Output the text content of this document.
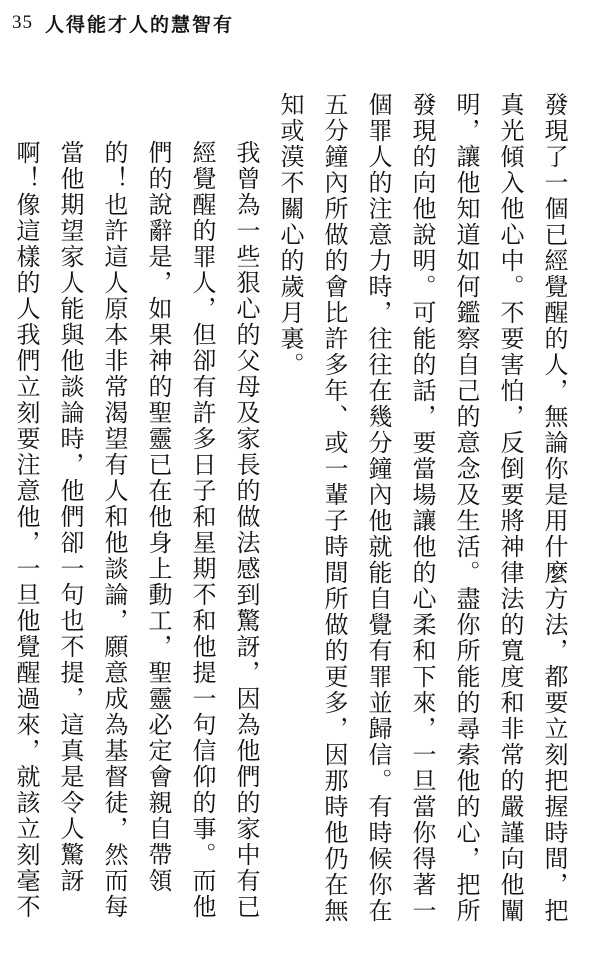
35 人得能才人的慧智有

發現了一個已經覺醒的人，無論你是用什麼方法，都要立刻把握時間，把真光傾入他心中。不要害怕，反倒要將神律法的寬度和非常的嚴謹向他闡明，讓他知道如何鑑察自己的意念及生活。盡你所能的尋索他的心，把所發現的向他說明。可能的話，要當場讓他的心柔和下來，一旦當你得著一個罪人的注意力時，往往在幾分鐘內他就能自覺有罪並歸信。有時候你在五分鐘內所做的會比許多年、或一輩子時間所做的更多，因那時他仍在無知或漠不關心的歲月裏。

我曾為一些狠心的父母及家長的做法感到驚訝，因為他們的家中有已經覺醒的罪人，但卻有許多日子和星期不和他提一句信仰的事。而他們的說辭是，如果神的聖靈已在他身上動工，聖靈必定會親自帶領的！也許這人原本非常渴望有人和他談論，願意成為基督徒，然而每當他期望家人能與他談論時，他們卻一句也不提，這真是令人驚訝啊！像這樣的人我們立刻要注意他，一旦他覺醒過來，就該立刻毫不
